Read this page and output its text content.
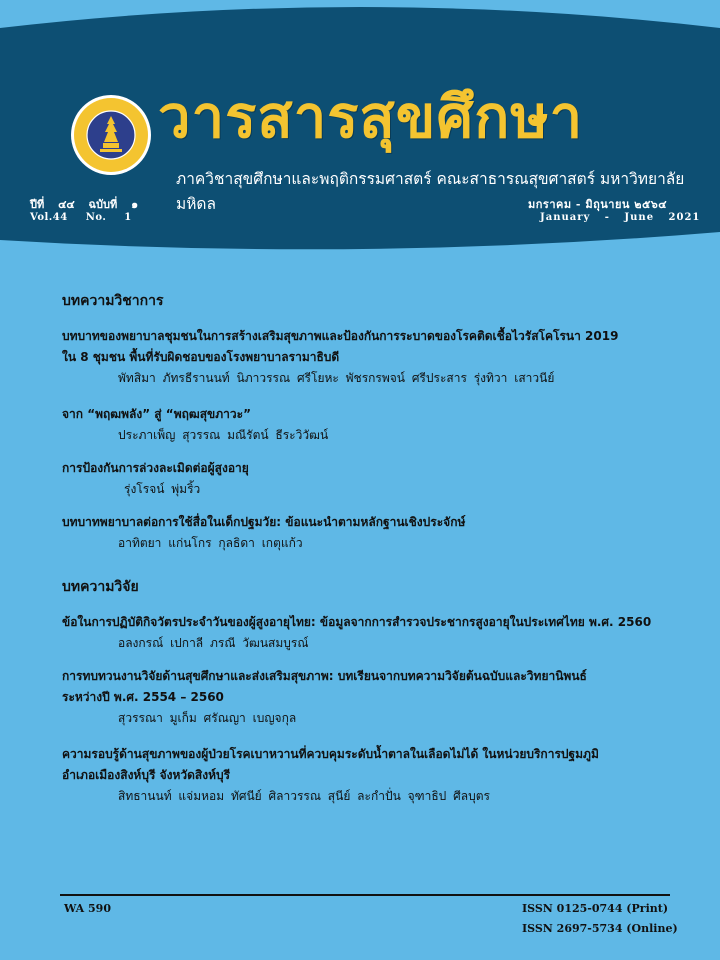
วารสารสุขศึกษา
ภาควิชาสุขศึกษาและพฤติกรรมศาสตร์ คณะสาธารณสุขศาสตร์ มหาวิทยาลัยมหิดล
ปีที่ ๔๔ ฉบับที่ ๑
Vol.44 No. 1
มกราคม - มิถุนายน ๒๕๖๔
January - June 2021
บทความวิชาการ
บทบาทของพยาบาลชุมชนในการสร้างเสริมสุขภาพและป้องกันการระบาดของโรคติดเชื้อไวรัสโคโรนา 2019
ใน 8 ชุมชน พื้นที่รับผิดชอบของโรงพยาบาลรามาธิบดี
พัทสิมา ภัทรธีรานนท์ นิภาวรรณ ศรีโยหะ พัชรกรพจน์ ศรีประสาร รุ่งทิวา เสาวนีย์
จาก “พฤฒพลัง” สู่ “พฤฒสุขภาวะ”
ประภาเพ็ญ สุวรรณ มณีรัตน์ ธีระวิวัฒน์
การป้องกันการล่วงละเมิดต่อผู้สูงอายุ
รุ่งโรจน์ พุ่มริ้ว
บทบาทพยาบาลต่อการใช้สื่อในเด็กปฐมวัย: ข้อแนะนำตามหลักฐานเชิงประจักษ์
อาทิตยา แก่นโกร กุลธิดา เกตุแก้ว
บทความวิจัย
ข้อในการปฏิบัติกิจวัตรประจำวันของผู้สูงอายุไทย: ข้อมูลจากการสำรวจประชากรสูงอายุในประเทศไทย พ.ศ. 2560
อลงกรณ์ เปกาลี ภรณี วัฒนสมบูรณ์
การทบทวนงานวิจัยด้านสุขศึกษาและส่งเสริมสุขภาพ: บทเรียนจากบทความวิจัยต้นฉบับและวิทยานิพนธ์
ระหว่างปี พ.ศ. 2554 – 2560
สุวรรณา มูเก็ม ศรัณญา เบญจกุล
ความรอบรู้ด้านสุขภาพของผู้ป่วยโรคเบาหวานที่ควบคุมระดับน้ำตาลในเลือดไม่ได้ ในหน่วยบริการปฐมภูมิ
อำเภอเมืองสิงห์บุรี จังหวัดสิงห์บุรี
สิทธานนท์ แจ่มหอม ทัศนีย์ ศิลาวรรณ สุนีย์ ละกำปั่น จุฑาธิป ศีลบุตร
WA 590	ISSN 0125-0744 (Print)
ISSN 2697-5734 (Online)
